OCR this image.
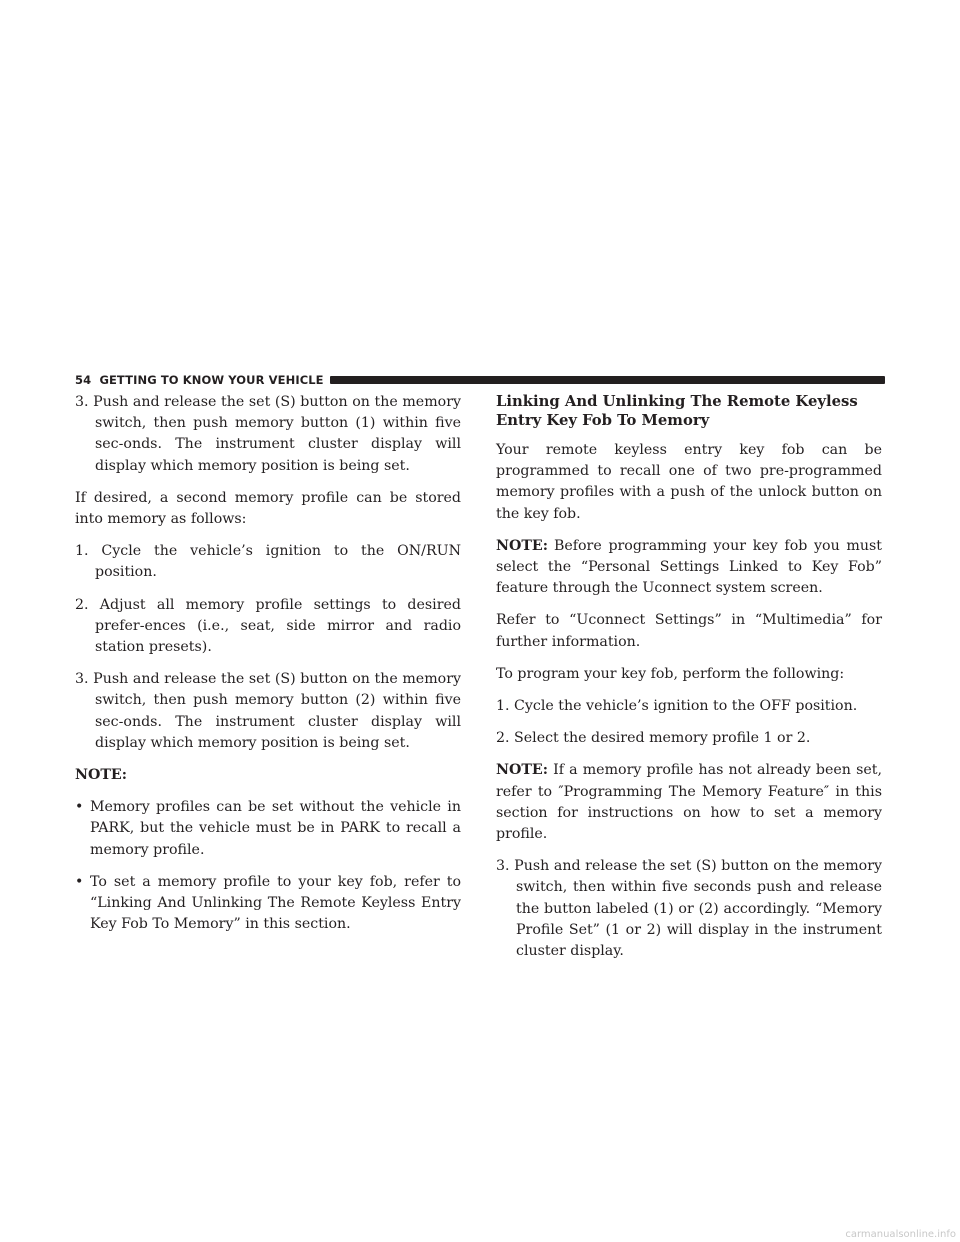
54 GETTING TO KNOW YOUR VEHICLE

3. Push and release the set (S) button on the memory switch, then push memory button (1) within five sec-onds. The instrument cluster display will display which memory position is being set.

If desired, a second memory profile can be stored into memory as follows:

1. Cycle the vehicle’s ignition to the ON/RUN position.

2. Adjust all memory profile settings to desired prefer-ences (i.e., seat, side mirror and radio station presets).

3. Push and release the set (S) button on the memory switch, then push memory button (2) within five sec-onds. The instrument cluster display will display which memory position is being set.

NOTE:

• Memory profiles can be set without the vehicle in PARK, but the vehicle must be in PARK to recall a memory profile.

• To set a memory profile to your key fob, refer to “Linking And Unlinking The Remote Keyless Entry Key Fob To Memory” in this section.

Linking And Unlinking The Remote Keyless Entry Key Fob To Memory

Your remote keyless entry key fob can be programmed to recall one of two pre-programmed memory profiles with a push of the unlock button on the key fob.

NOTE: Before programming your key fob you must select the “Personal Settings Linked to Key Fob” feature through the Uconnect system screen.

Refer to “Uconnect Settings” in “Multimedia” for further information.

To program your key fob, perform the following:

1. Cycle the vehicle’s ignition to the OFF position.

2. Select the desired memory profile 1 or 2.

NOTE: If a memory profile has not already been set, refer to ″Programming The Memory Feature″ in this section for instructions on how to set a memory profile.

3. Push and release the set (S) button on the memory switch, then within five seconds push and release the button labeled (1) or (2) accordingly. “Memory Profile Set” (1 or 2) will display in the instrument cluster display.

carmanualsonline.info
